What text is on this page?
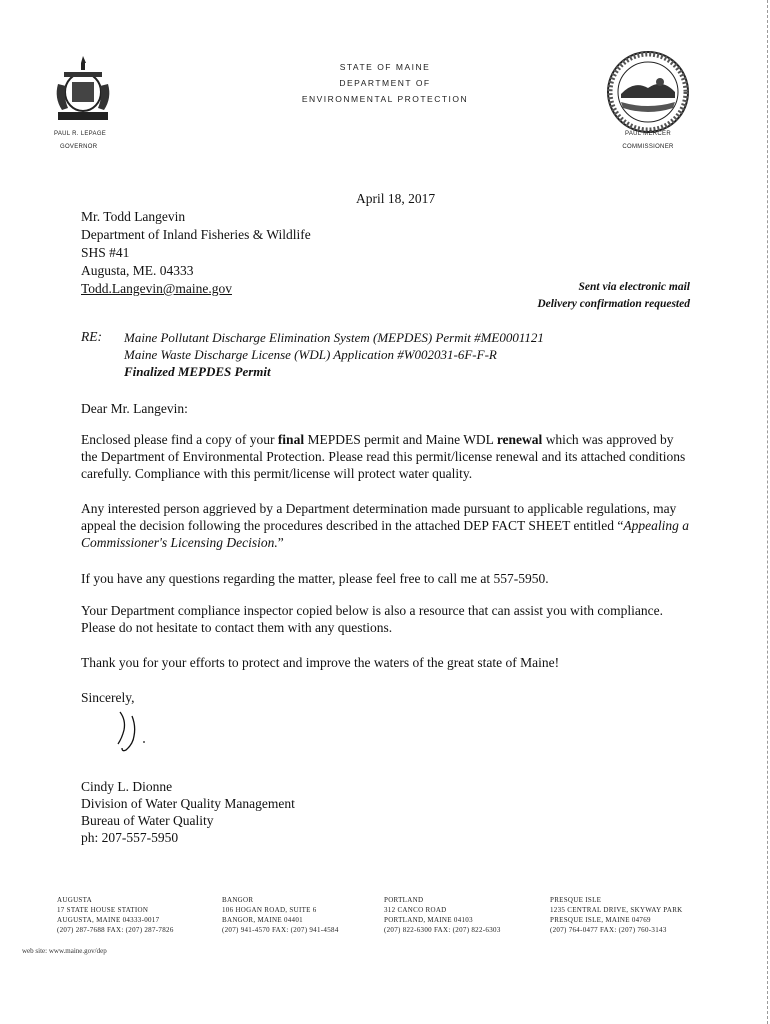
STATE OF MAINE
DEPARTMENT OF
ENVIRONMENTAL PROTECTION
PAUL R. LEPAGE
GOVERNOR
PAUL MERCER
COMMISSIONER
April 18, 2017
Mr. Todd Langevin
Department of Inland Fisheries & Wildlife
SHS #41
Augusta, ME. 04333
Todd.Langevin@maine.gov	Sent via electronic mail
Delivery confirmation requested
RE: Maine Pollutant Discharge Elimination System (MEPDES) Permit #ME0001121
Maine Waste Discharge License (WDL) Application #W002031-6F-F-R
Finalized MEPDES Permit
Dear Mr. Langevin:
Enclosed please find a copy of your final MEPDES permit and Maine WDL renewal which was approved by the Department of Environmental Protection. Please read this permit/license renewal and its attached conditions carefully. Compliance with this permit/license will protect water quality.
Any interested person aggrieved by a Department determination made pursuant to applicable regulations, may appeal the decision following the procedures described in the attached DEP FACT SHEET entitled “Appealing a Commissioner's Licensing Decision.”
If you have any questions regarding the matter, please feel free to call me at 557-5950.
Your Department compliance inspector copied below is also a resource that can assist you with compliance. Please do not hesitate to contact them with any questions.
Thank you for your efforts to protect and improve the waters of the great state of Maine!
Sincerely,
Cindy L. Dionne
Division of Water Quality Management
Bureau of Water Quality
ph: 207-557-5950
AUGUSTA
17 STATE HOUSE STATION
AUGUSTA, MAINE 04333-0017
(207) 287-7688 FAX: (207) 287-7826
BANGOR
106 HOGAN ROAD, SUITE 6
BANGOR, MAINE 04401
(207) 941-4570 FAX: (207) 941-4584
PORTLAND
312 CANCO ROAD
PORTLAND, MAINE 04103
(207) 822-6300 FAX: (207) 822-6303
PRESQUE ISLE
1235 CENTRAL DRIVE, SKYWAY PARK
PRESQUE ISLE, MAINE 04769
(207) 764-0477 FAX: (207) 760-3143
web site: www.maine.gov/dep
